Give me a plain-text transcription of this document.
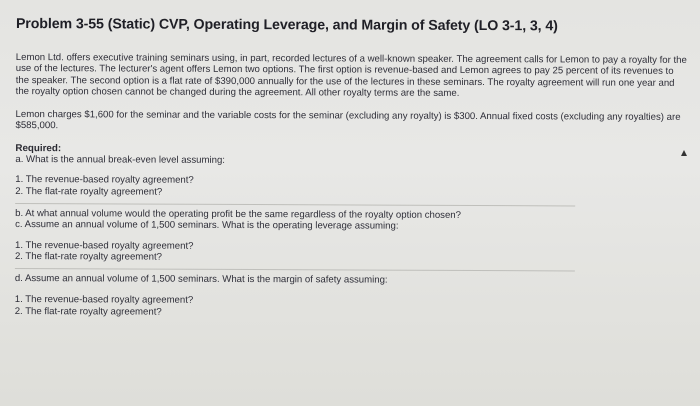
Problem 3-55 (Static) CVP, Operating Leverage, and Margin of Safety (LO 3-1, 3, 4)

Lemon Ltd. offers executive training seminars using, in part, recorded lectures of a well-known speaker. The agreement calls for Lemon to pay a royalty for the use of the lectures. The lecturer's agent offers Lemon two options. The first option is revenue-based and Lemon agrees to pay 25 percent of its revenues to the speaker. The second option is a flat rate of $390,000 annually for the use of the lectures in these seminars. The royalty agreement will run one year and the royalty option chosen cannot be changed during the agreement. All other royalty terms are the same.

Lemon charges $1,600 for the seminar and the variable costs for the seminar (excluding any royalty) is $300. Annual fixed costs (excluding any royalties) are $585,000.

Required:
a. What is the annual break-even level assuming:
1. The revenue-based royalty agreement?
2. The flat-rate royalty agreement?
b. At what annual volume would the operating profit be the same regardless of the royalty option chosen?
c. Assume an annual volume of 1,500 seminars. What is the operating leverage assuming:
1. The revenue-based royalty agreement?
2. The flat-rate royalty agreement?
d. Assume an annual volume of 1,500 seminars. What is the margin of safety assuming:
1. The revenue-based royalty agreement?
2. The flat-rate royalty agreement?
